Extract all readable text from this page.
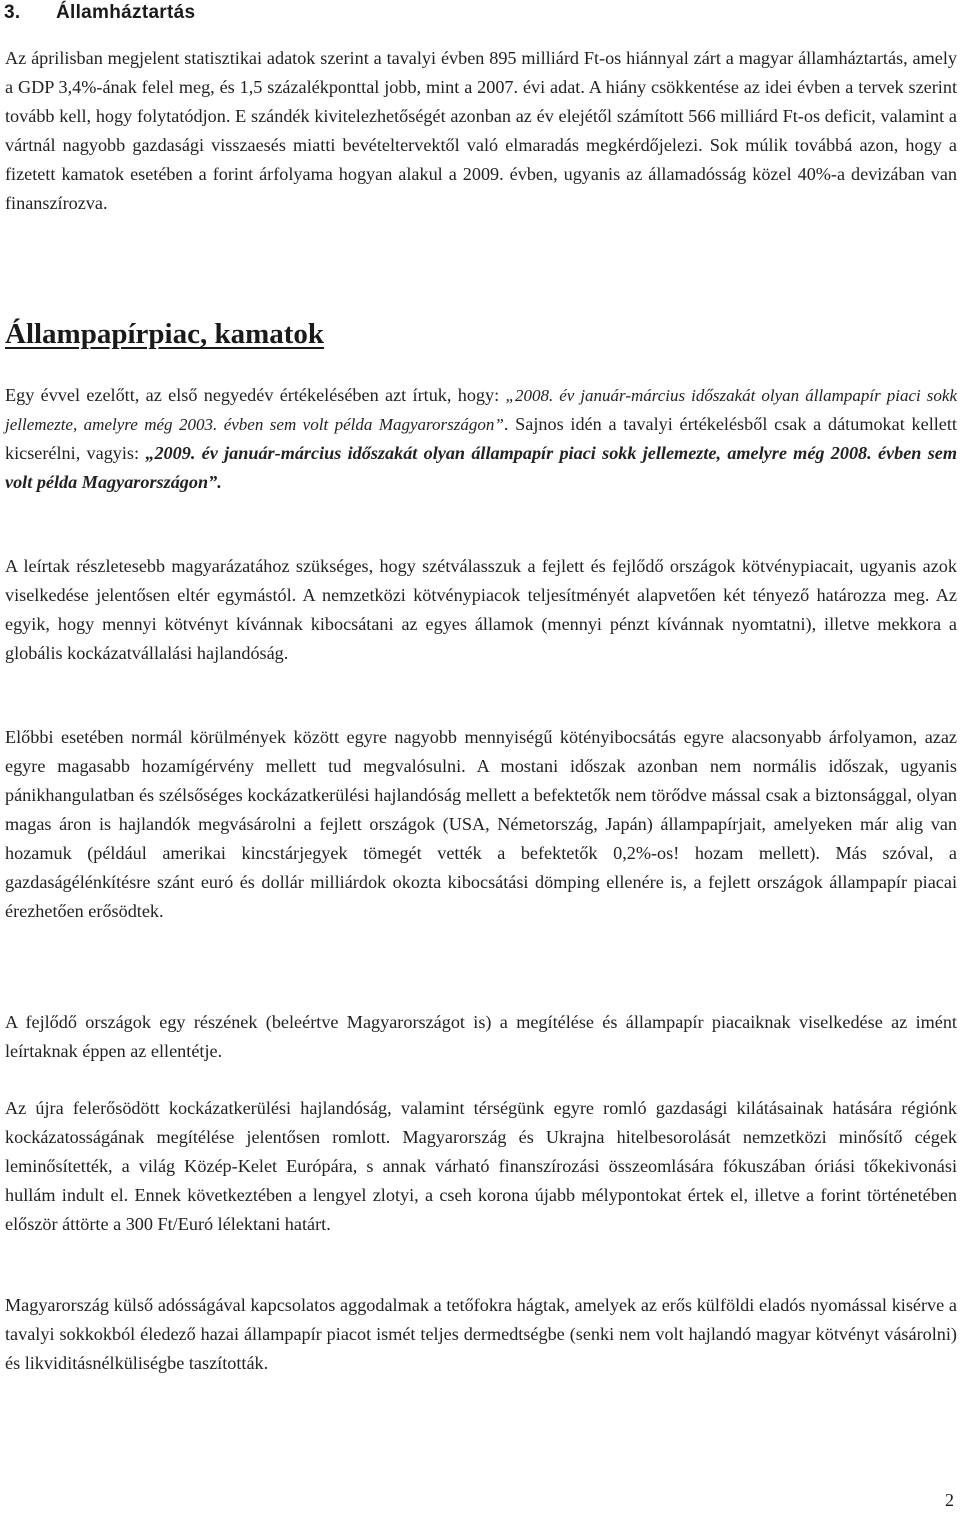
3. Államháztartás

Az áprilisban megjelent statisztikai adatok szerint a tavalyi évben 895 milliárd Ft-os hiánnyal zárt a magyar államháztartás, amely a GDP 3,4%-ának felel meg, és 1,5 százalékponttal jobb, mint a 2007. évi adat. A hiány csökkentése az idei évben a tervek szerint tovább kell, hogy folytatódjon. E szándék kivitelezhetőségét azonban az év elejétől számított 566 milliárd Ft-os deficit, valamint a vártnál nagyobb gazdasági visszaesés miatti bevételtervektől való elmaradás megkérdőjelezi. Sok múlik továbbá azon, hogy a fizetett kamatok esetében a forint árfolyama hogyan alakul a 2009. évben, ugyanis az államadósság közel 40%-a devizában van finanszírozva.

Állampapírpiac, kamatok

Egy évvel ezelőtt, az első negyedév értékelésében azt írtuk, hogy: „2008. év január-március időszakát olyan állampapír piaci sokk jellemezte, amelyre még 2003. évben sem volt példa Magyarországon”. Sajnos idén a tavalyi értékelésből csak a dátumokat kellett kicserélni, vagyis: „2009. év január-március időszakát olyan állampapír piaci sokk jellemezte, amelyre még 2008. évben sem volt példa Magyarországon”.

A leírtak részletesebb magyarázatához szükséges, hogy szétválasszuk a fejlett és fejlődő országok kötvénypiacait, ugyanis azok viselkedése jelentősen eltér egymástól. A nemzetközi kötvénypiacok teljesítményét alapvetően két tényező határozza meg. Az egyik, hogy mennyi kötvényt kívánnak kibocsátani az egyes államok (mennyi pénzt kívánnak nyomtatni), illetve mekkora a globális kockázatvállalási hajlandóság.

Előbbi esetében normál körülmények között egyre nagyobb mennyiségű kötényibocsátás egyre alacsonyabb árfolyamon, azaz egyre magasabb hozamígérvény mellett tud megvalósulni. A mostani időszak azonban nem normális időszak, ugyanis pánikhangulatban és szélsőséges kockázatkerülési hajlandóság mellett a befektetők nem törődve mással csak a biztonsággal, olyan magas áron is hajlandók megvásárolni a fejlett országok (USA, Németország, Japán) állampapírjait, amelyeken már alig van hozamuk (például amerikai kincstárjegyek tömegét vették a befektetők 0,2%-os! hozam mellett). Más szóval, a gazdaságélénkítésre szánt euró és dollár milliárdok okozta kibocsátási dömping ellenére is, a fejlett országok állampapír piacai érezhetően erősödtek.

A fejlődő országok egy részének (beleértve Magyarországot is) a megítélése és állampapír piacaiknak viselkedése az imént leírtaknak éppen az ellentétje.

Az újra felerősödött kockázatkerülési hajlandóság, valamint térségünk egyre romló gazdasági kilátásainak hatására régiónk kockázatosságának megítélése jelentősen romlott. Magyarország és Ukrajna hitelbesorolását nemzetközi minősítő cégek leminősítették, a világ Közép-Kelet Európára, s annak várható finanszírozási összeomlására fókuszában óriási tőkekivonási hullám indult el. Ennek következtében a lengyel zlotyi, a cseh korona újabb mélypontokat értek el, illetve a forint történetében először áttörte a 300 Ft/Euró lélektani határt.

Magyarország külső adósságával kapcsolatos aggodalmak a tetőfokra hágtak, amelyek az erős külföldi eladós nyomással kisérve a tavalyi sokkokból éledező hazai állampapír piacot ismét teljes dermedtségbe (senki nem volt hajlandó magyar kötvényt vásárolni) és likviditásnélküliségbe taszították.

2
